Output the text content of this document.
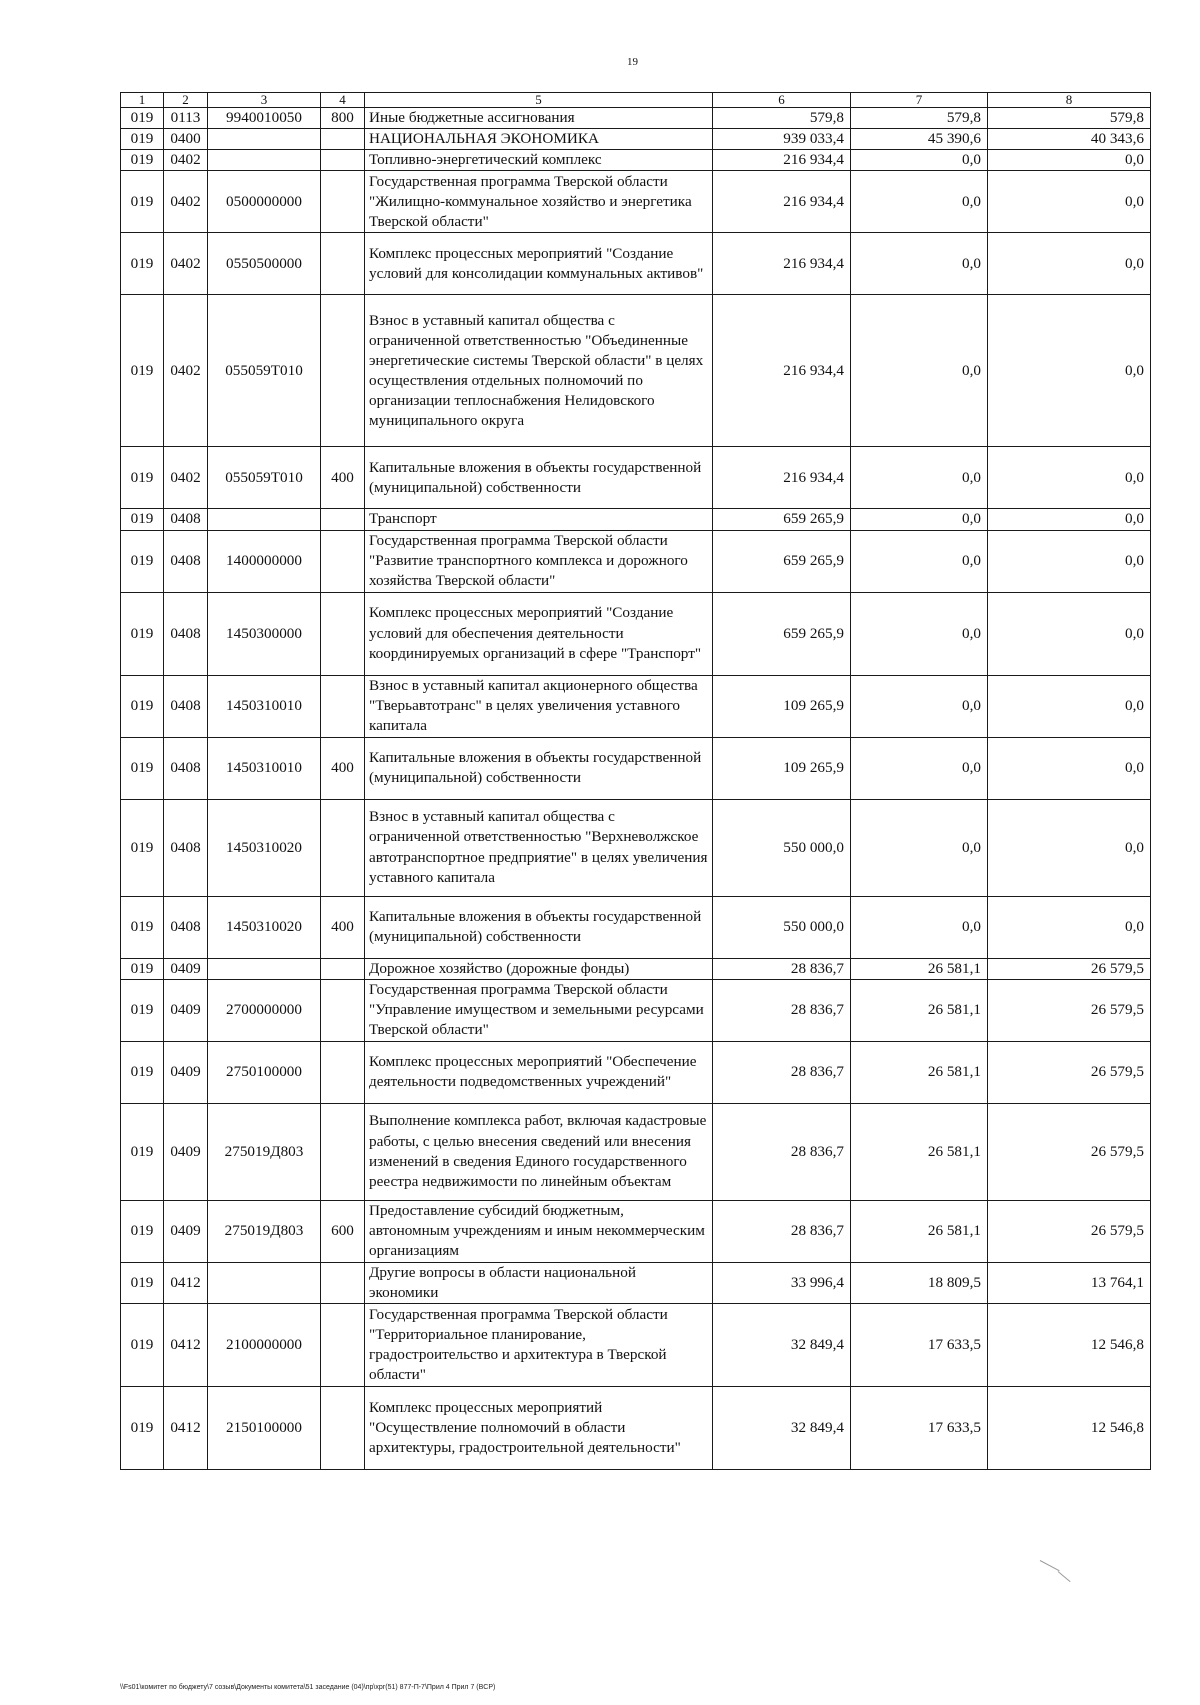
19
1	2	3	4	5	6	7	8
019	0113	9940010050	800	Иные бюджетные ассигнования	579,8	579,8	579,8
019	0400			НАЦИОНАЛЬНАЯ ЭКОНОМИКА	939 033,4	45 390,6	40 343,6
019	0402			Топливно-энергетический комплекс	216 934,4	0,0	0,0
019	0402	0500000000		Государственная программа Тверской области "Жилищно-коммунальное хозяйство и энергетика Тверской области"	216 934,4	0,0	0,0
019	0402	0550500000		Комплекс процессных мероприятий "Создание условий для консолидации коммунальных активов"	216 934,4	0,0	0,0
019	0402	055059Т010		Взнос в уставный капитал общества с ограниченной ответственностью "Объединенные энергетические системы Тверской области" в целях осуществления отдельных полномочий по организации теплоснабжения Нелидовского муниципального округа	216 934,4	0,0	0,0
019	0402	055059Т010	400	Капитальные вложения в объекты государственной (муниципальной) собственности	216 934,4	0,0	0,0
019	0408			Транспорт	659 265,9	0,0	0,0
019	0408	1400000000		Государственная программа Тверской области "Развитие транспортного комплекса и дорожного хозяйства Тверской области"	659 265,9	0,0	0,0
019	0408	1450300000		Комплекс процессных мероприятий "Создание условий для обеспечения деятельности координируемых организаций в сфере "Транспорт"	659 265,9	0,0	0,0
019	0408	1450310010		Взнос в уставный капитал акционерного общества "Тверьавтотранс" в целях увеличения уставного капитала	109 265,9	0,0	0,0
019	0408	1450310010	400	Капитальные вложения в объекты государственной (муниципальной) собственности	109 265,9	0,0	0,0
019	0408	1450310020		Взнос в уставный капитал общества с ограниченной ответственностью "Верхневолжское автотранспортное предприятие" в целях увеличения уставного капитала	550 000,0	0,0	0,0
019	0408	1450310020	400	Капитальные вложения в объекты государственной (муниципальной) собственности	550 000,0	0,0	0,0
019	0409			Дорожное хозяйство (дорожные фонды)	28 836,7	26 581,1	26 579,5
019	0409	2700000000		Государственная программа Тверской области "Управление имуществом и земельными ресурсами Тверской области"	28 836,7	26 581,1	26 579,5
019	0409	2750100000		Комплекс процессных мероприятий "Обеспечение деятельности подведомственных учреждений"	28 836,7	26 581,1	26 579,5
019	0409	275019Д803		Выполнение комплекса работ, включая кадастровые работы, с целью внесения сведений или внесения изменений в сведения Единого государственного реестра недвижимости по линейным объектам	28 836,7	26 581,1	26 579,5
019	0409	275019Д803	600	Предоставление субсидий бюджетным, автономным учреждениям и иным некоммерческим организациям	28 836,7	26 581,1	26 579,5
019	0412			Другие вопросы в области национальной экономики	33 996,4	18 809,5	13 764,1
019	0412	2100000000		Государственная программа Тверской области "Территориальное планирование, градостроительство и архитектура в Тверской области"	32 849,4	17 633,5	12 546,8
019	0412	2150100000		Комплекс процессных мероприятий "Осуществление полномочий в области архитектуры, градостроительной деятельности"	32 849,4	17 633,5	12 546,8
\\Fs01\комитет по бюджету\7 созыв\Документы комитета\51 заседание (04)\пр\хрг(51) 877-П-7\Прил 4 Прил 7 (BCP)
